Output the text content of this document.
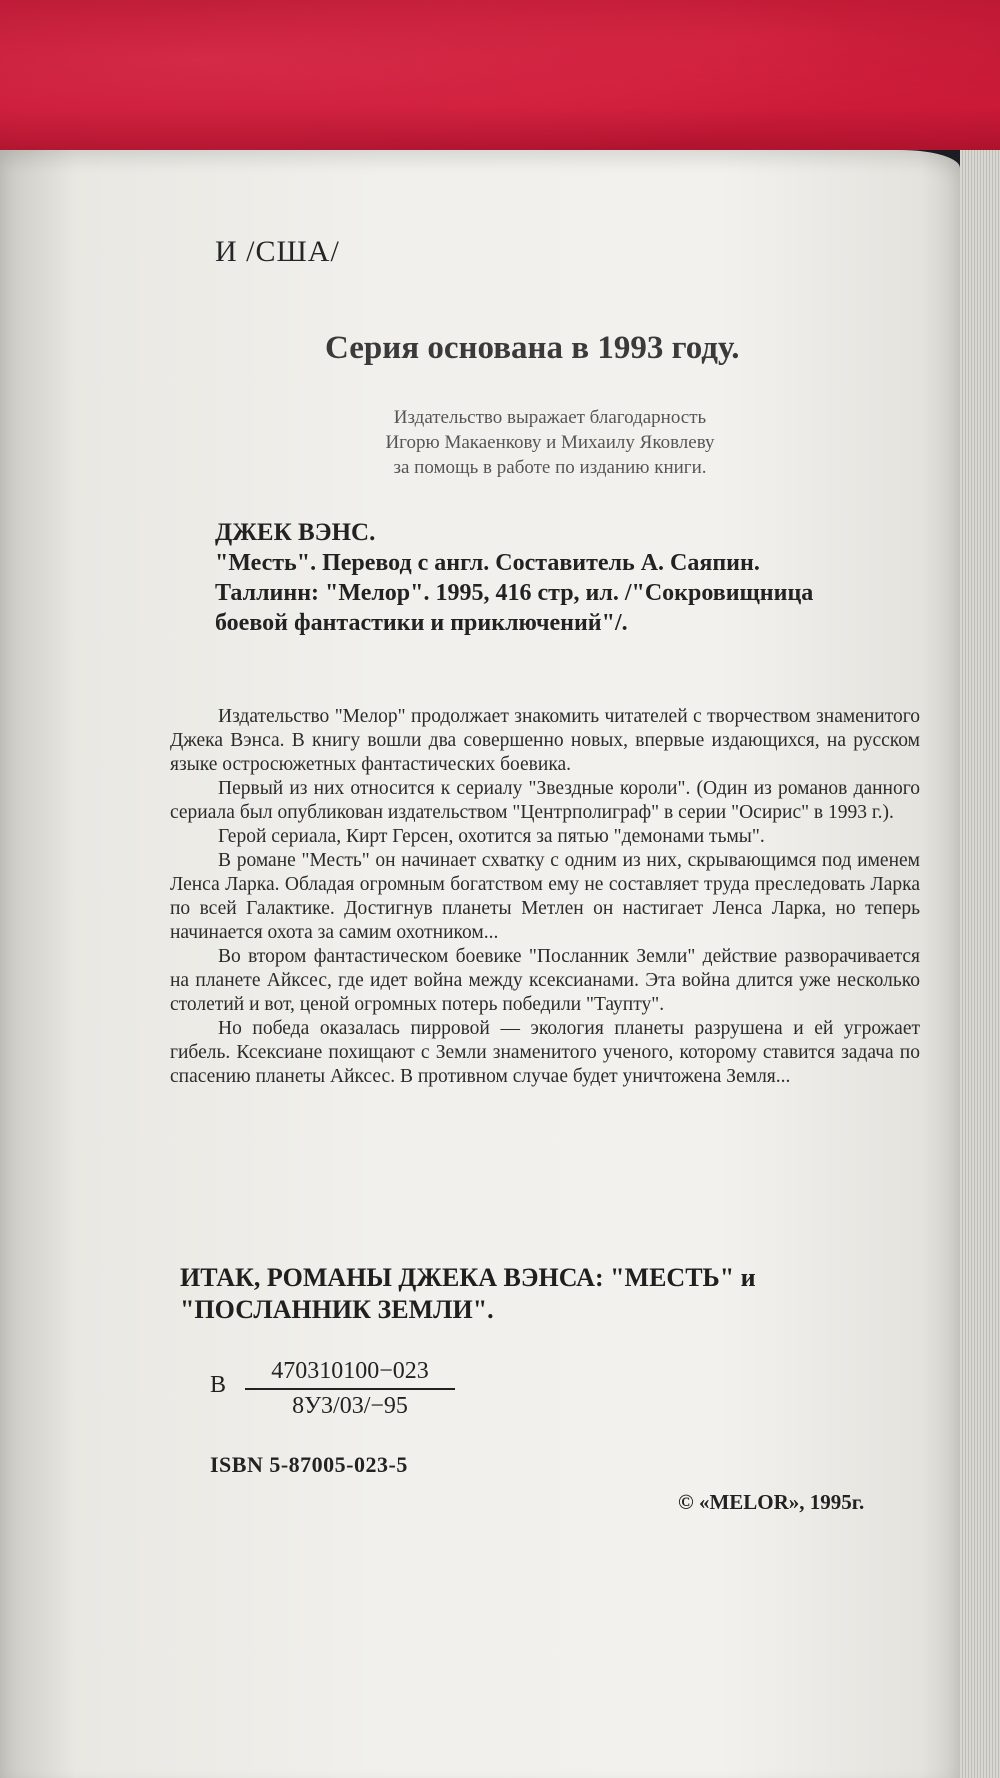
И /США/
Серия основана в 1993 году.
Издательство выражает благодарность
Игорю Макаенкову и Михаилу Яковлеву
за помощь в работе по изданию книги.
ДЖЕК ВЭНС.
"Месть". Перевод с англ. Составитель А. Саяпин.
Таллинн: "Мелор". 1995, 416 стр, ил. /"Сокровищница
боевой фантастики и приключений"/.

Издательство "Мелор" продолжает знакомить читателей с творчеством знаменитого Джека Вэнса. В книгу вошли два совершенно новых, впервые издающихся, на русском языке остросюжетных фантастических боевика.

Первый из них относится к сериалу "Звездные короли". (Один из романов данного сериала был опубликован издательством "Центрполиграф" в серии "Осирис" в 1993 г.).

Герой сериала, Кирт Герсен, охотится за пятью "демонами тьмы".

В романе "Месть" он начинает схватку с одним из них, скрывающимся под именем Ленса Ларка. Обладая огромным богатством ему не составляет труда преследовать Ларка по всей Галактике. Достигнув планеты Метлен он настигает Ленса Ларка, но теперь начинается охота за самим охотником...

Во втором фантастическом боевике "Посланник Земли" действие разворачивается на планете Айксес, где идет война между ксексианами. Эта война длится уже несколько столетий и вот, ценой огромных потерь победили "Таупту".

Но победа оказалась пирровой — экология планеты разрушена и ей угрожает гибель. Ксексиане похищают с Земли знаменитого ученого, которому ставится задача по спасению планеты Айксес. В противном случае будет уничтожена Земля...

ИТАК, РОМАНЫ ДЖЕКА ВЭНСА: "МЕСТЬ" и "ПОСЛАННИК ЗЕМЛИ".
В
470310100−023
8У3/03/−95
ISBN 5-87005-023-5
© «MELOR», 1995г.
